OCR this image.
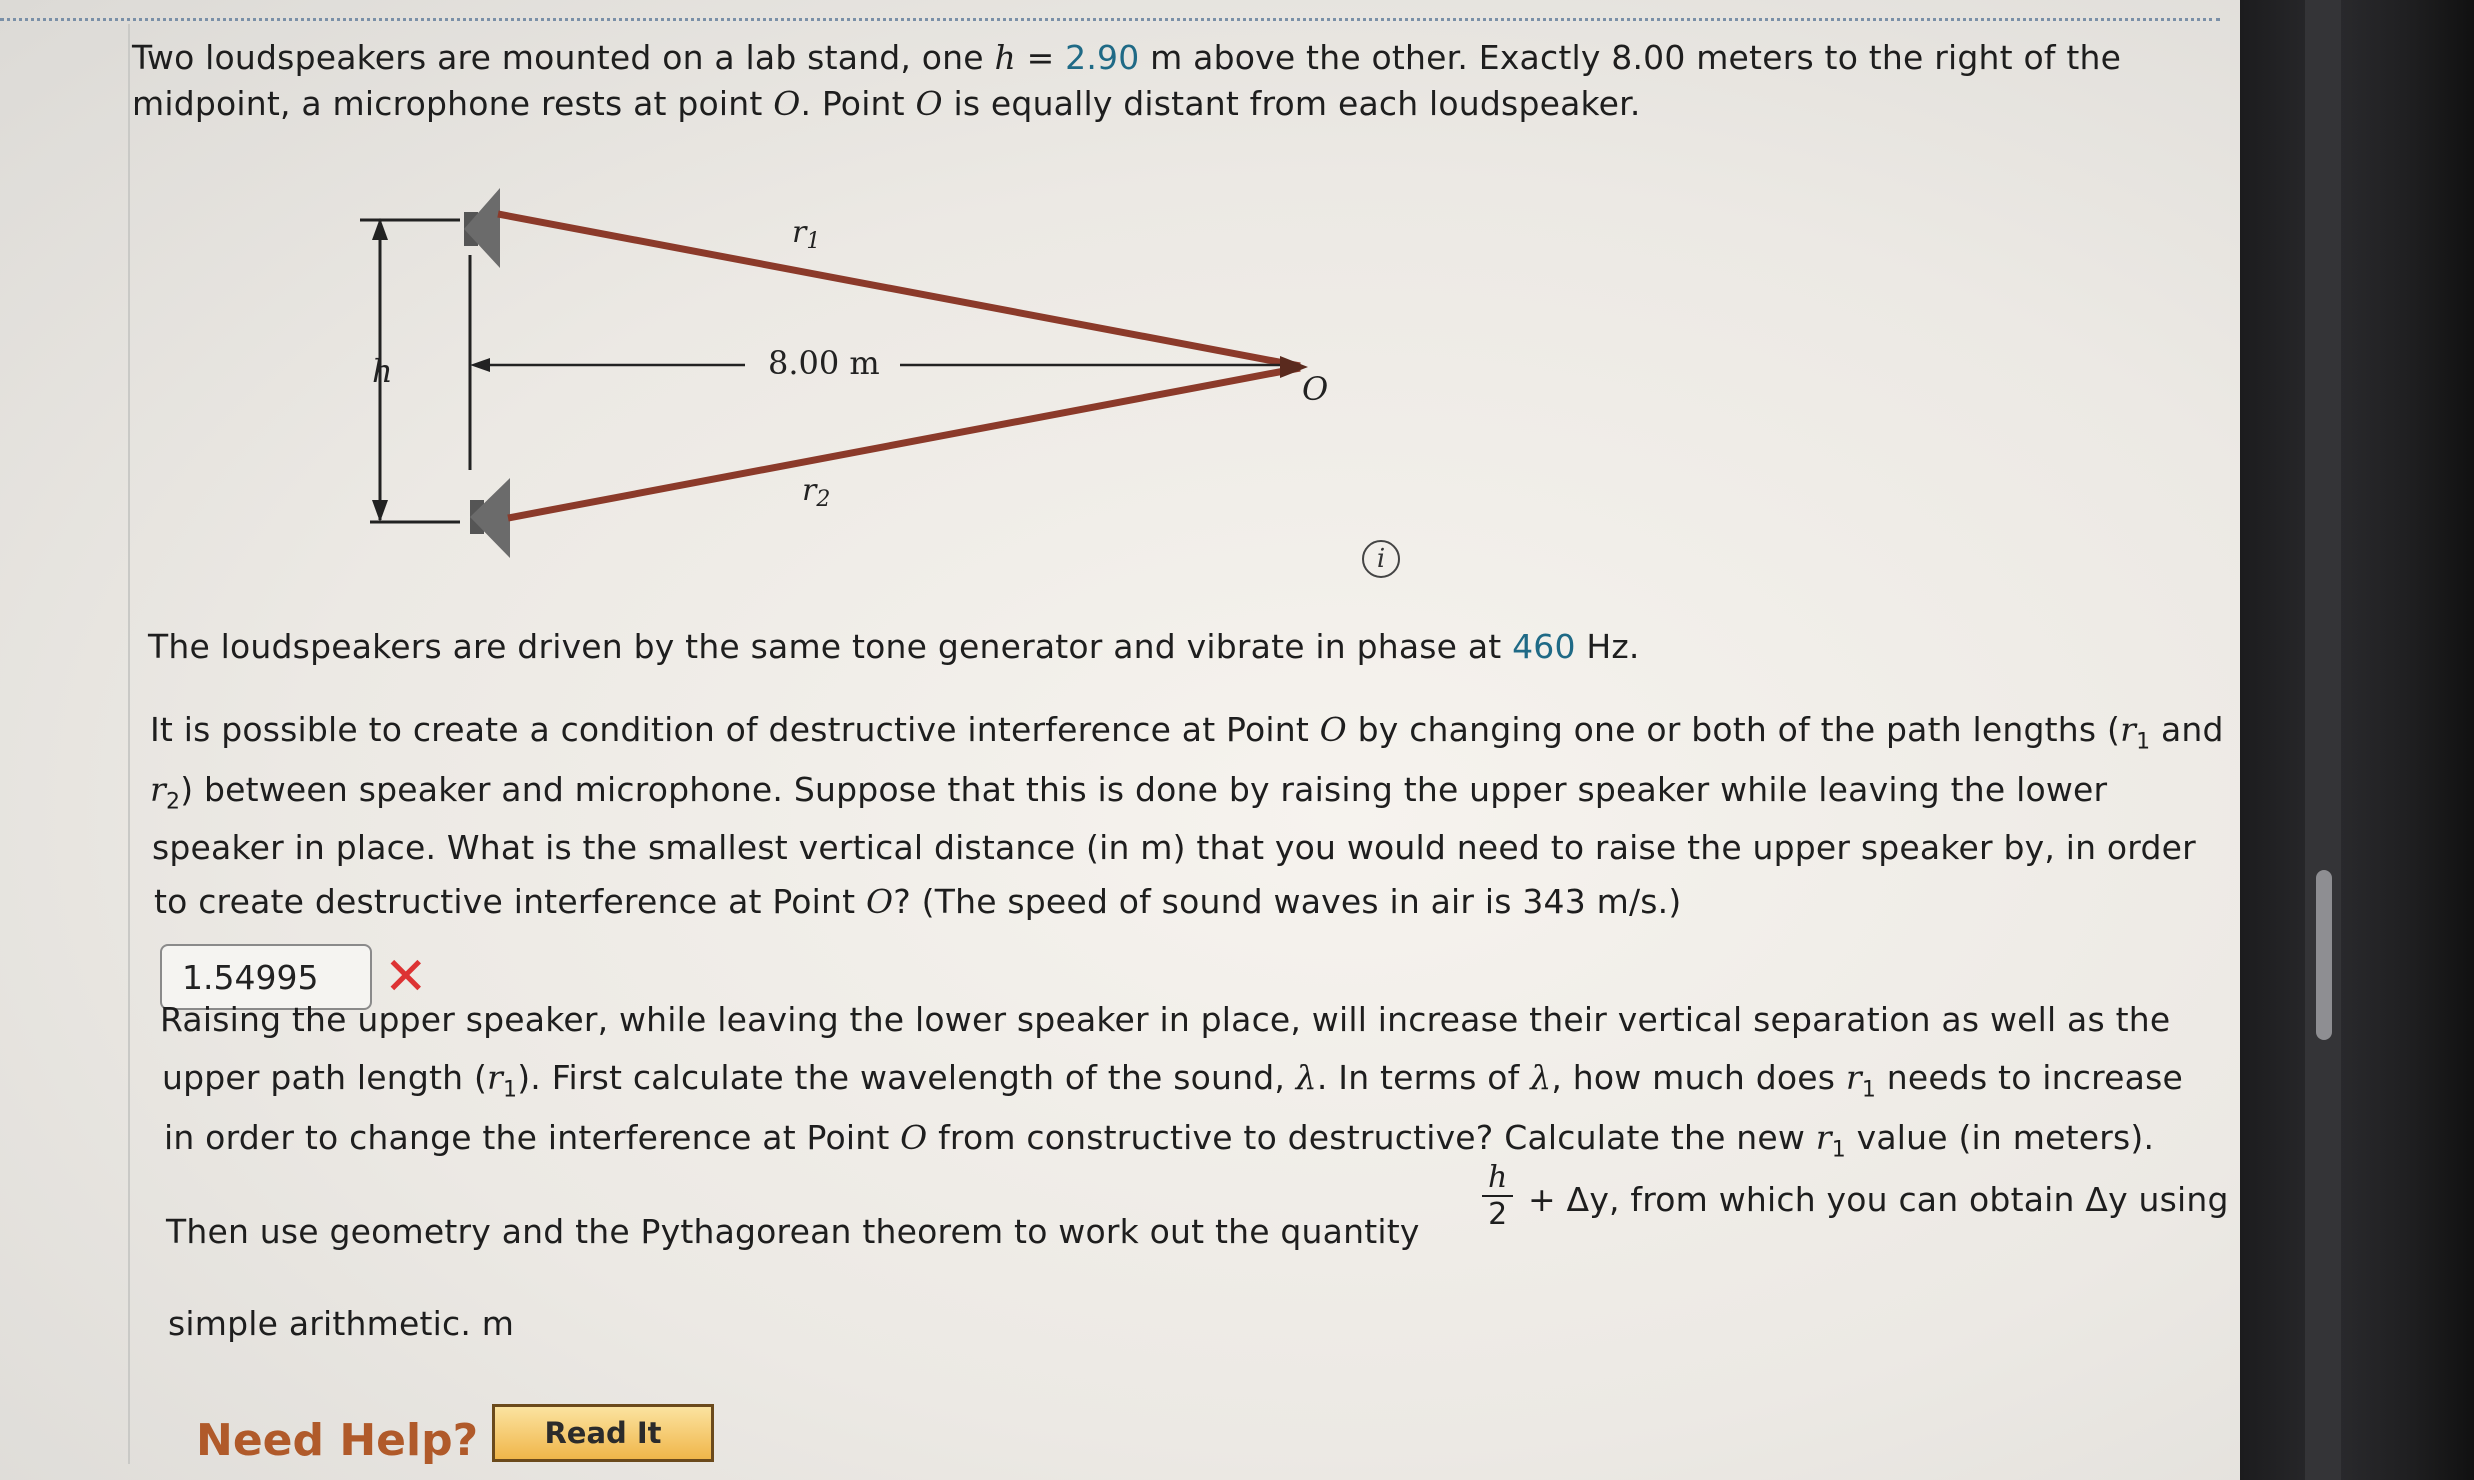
Two loudspeakers are mounted on a lab stand, one h = 2.90 m above the other. Exactly 8.00 meters to the right of the
midpoint, a microphone rests at point O. Point O is equally distant from each loudspeaker.
h	8.00 m
$r_1$
$r_2$
O
i
The loudspeakers are driven by the same tone generator and vibrate in phase at 460 Hz.
It is possible to create a condition of destructive interference at Point O by changing one or both of the path lengths ($r_1$ and
$r_2$) between speaker and microphone. Suppose that this is done by raising the upper speaker while leaving the lower
speaker in place. What is the smallest vertical distance (in m) that you would need to raise the upper speaker by, in order
to create destructive interference at Point O? (The speed of sound waves in air is 343 m/s.)
1.54995	✕
Raising the upper speaker, while leaving the lower speaker in place, will increase their vertical separation as well as the
upper path length $(r_1)$. First calculate the wavelength of the sound, λ. In terms of λ, how much does $r_1$ needs to increase
in order to change the interference at Point O from constructive to destructive? Calculate the new $r_1$ value (in meters).
Then use geometry and the Pythagorean theorem to work out the quantity $\frac{h}{2} + \Delta y$, from which you can obtain Δy using
simple arithmetic. m
Need Help?	Read It
